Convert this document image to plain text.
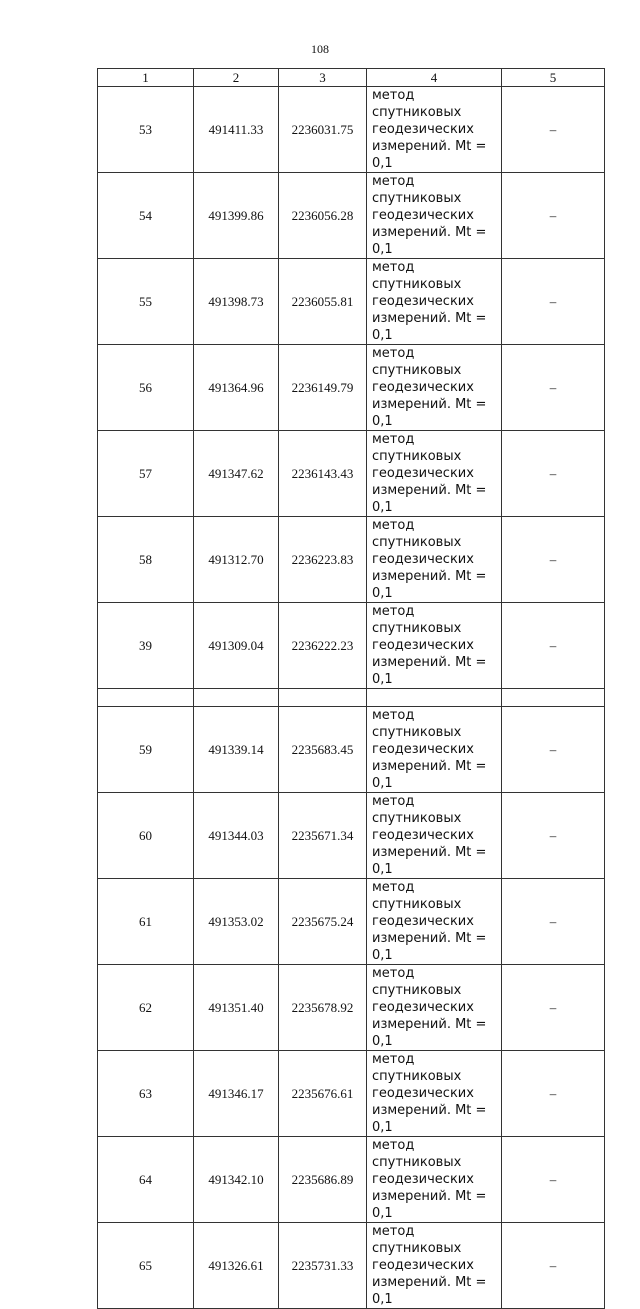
108
1	2	3	4	5
53	491411.33	2236031.75	метод спутниковых
геодезических
измерений. Mt = 0,1	–
54	491399.86	2236056.28	метод спутниковых
геодезических
измерений. Mt = 0,1	–
55	491398.73	2236055.81	метод спутниковых
геодезических
измерений. Mt = 0,1	–
56	491364.96	2236149.79	метод спутниковых
геодезических
измерений. Mt = 0,1	–
57	491347.62	2236143.43	метод спутниковых
геодезических
измерений. Mt = 0,1	–
58	491312.70	2236223.83	метод спутниковых
геодезических
измерений. Mt = 0,1	–
39	491309.04	2236222.23	метод спутниковых
геодезических
измерений. Mt = 0,1	–

59	491339.14	2235683.45	метод спутниковых
геодезических
измерений. Mt = 0,1	–
60	491344.03	2235671.34	метод спутниковых
геодезических
измерений. Mt = 0,1	–
61	491353.02	2235675.24	метод спутниковых
геодезических
измерений. Mt = 0,1	–
62	491351.40	2235678.92	метод спутниковых
геодезических
измерений. Mt = 0,1	–
63	491346.17	2235676.61	метод спутниковых
геодезических
измерений. Mt = 0,1	–
64	491342.10	2235686.89	метод спутниковых
геодезических
измерений. Mt = 0,1	–
65	491326.61	2235731.33	метод спутниковых
геодезических
измерений. Mt = 0,1	–
